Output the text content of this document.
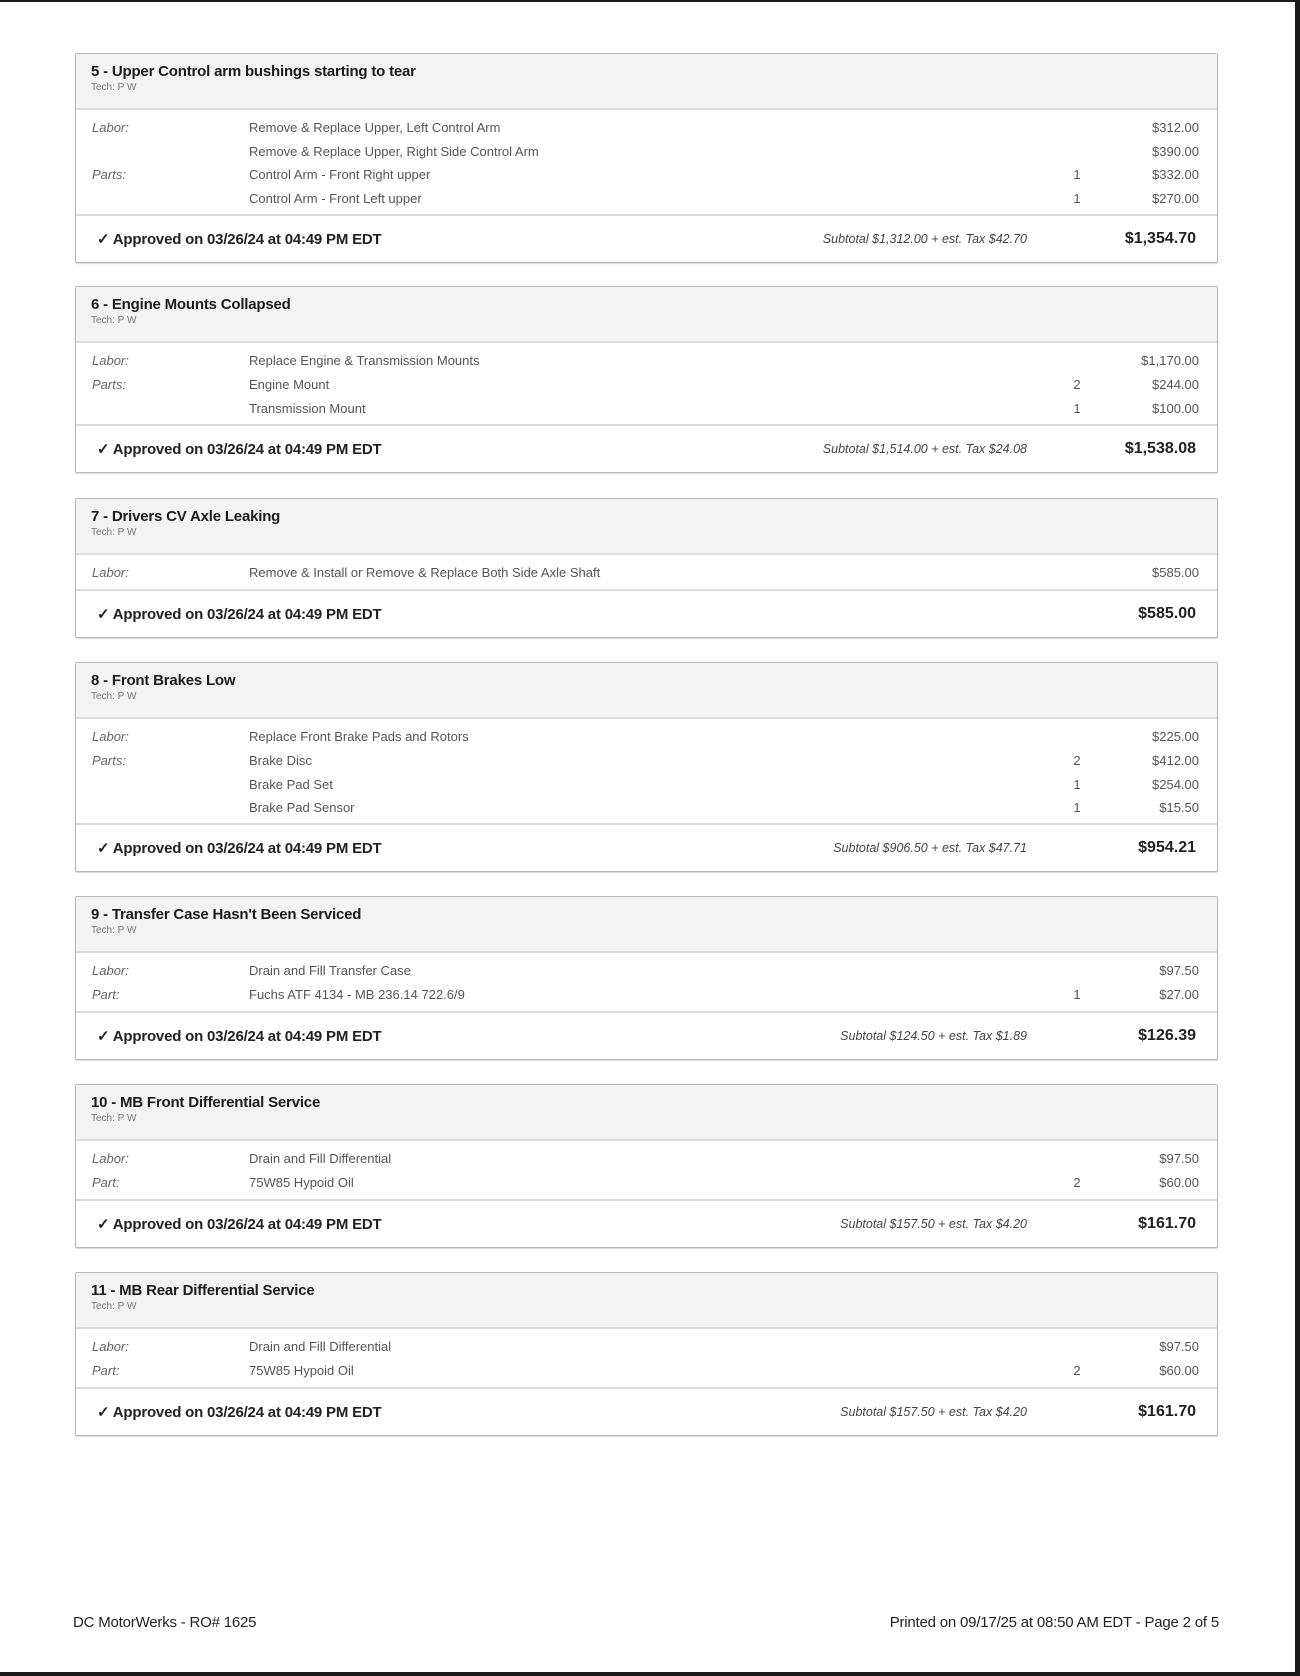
5 - Upper Control arm bushings starting to tear
Tech: P W
Labor:	Remove & Replace Upper, Left Control Arm	$312.00
Remove & Replace Upper, Right Side Control Arm	$390.00
Parts:	Control Arm - Front Right upper	1	$332.00
Control Arm - Front Left upper	1	$270.00
✓ Approved on 03/26/24 at 04:49 PM EDT	Subtotal $1,312.00 + est. Tax $42.70	$1,354.70
6 - Engine Mounts Collapsed
Tech: P W
Labor:	Replace Engine & Transmission Mounts	$1,170.00
Parts:	Engine Mount	2	$244.00
Transmission Mount	1	$100.00
✓ Approved on 03/26/24 at 04:49 PM EDT	Subtotal $1,514.00 + est. Tax $24.08	$1,538.08
7 - Drivers CV Axle Leaking
Tech: P W
Labor:	Remove & Install or Remove & Replace Both Side Axle Shaft	$585.00
✓ Approved on 03/26/24 at 04:49 PM EDT	$585.00
8 - Front Brakes Low
Tech: P W
Labor:	Replace Front Brake Pads and Rotors	$225.00
Parts:	Brake Disc	2	$412.00
Brake Pad Set	1	$254.00
Brake Pad Sensor	1	$15.50
✓ Approved on 03/26/24 at 04:49 PM EDT	Subtotal $906.50 + est. Tax $47.71	$954.21
9 - Transfer Case Hasn't Been Serviced
Tech: P W
Labor:	Drain and Fill Transfer Case	$97.50
Part:	Fuchs ATF 4134 - MB 236.14 722.6/9	1	$27.00
✓ Approved on 03/26/24 at 04:49 PM EDT	Subtotal $124.50 + est. Tax $1.89	$126.39
10 - MB Front Differential Service
Tech: P W
Labor:	Drain and Fill Differential	$97.50
Part:	75W85 Hypoid Oil	2	$60.00
✓ Approved on 03/26/24 at 04:49 PM EDT	Subtotal $157.50 + est. Tax $4.20	$161.70
11 - MB Rear Differential Service
Tech: P W
Labor:	Drain and Fill Differential	$97.50
Part:	75W85 Hypoid Oil	2	$60.00
✓ Approved on 03/26/24 at 04:49 PM EDT	Subtotal $157.50 + est. Tax $4.20	$161.70
DC MotorWerks - RO# 1625	Printed on 09/17/25 at 08:50 AM EDT - Page 2 of 5
